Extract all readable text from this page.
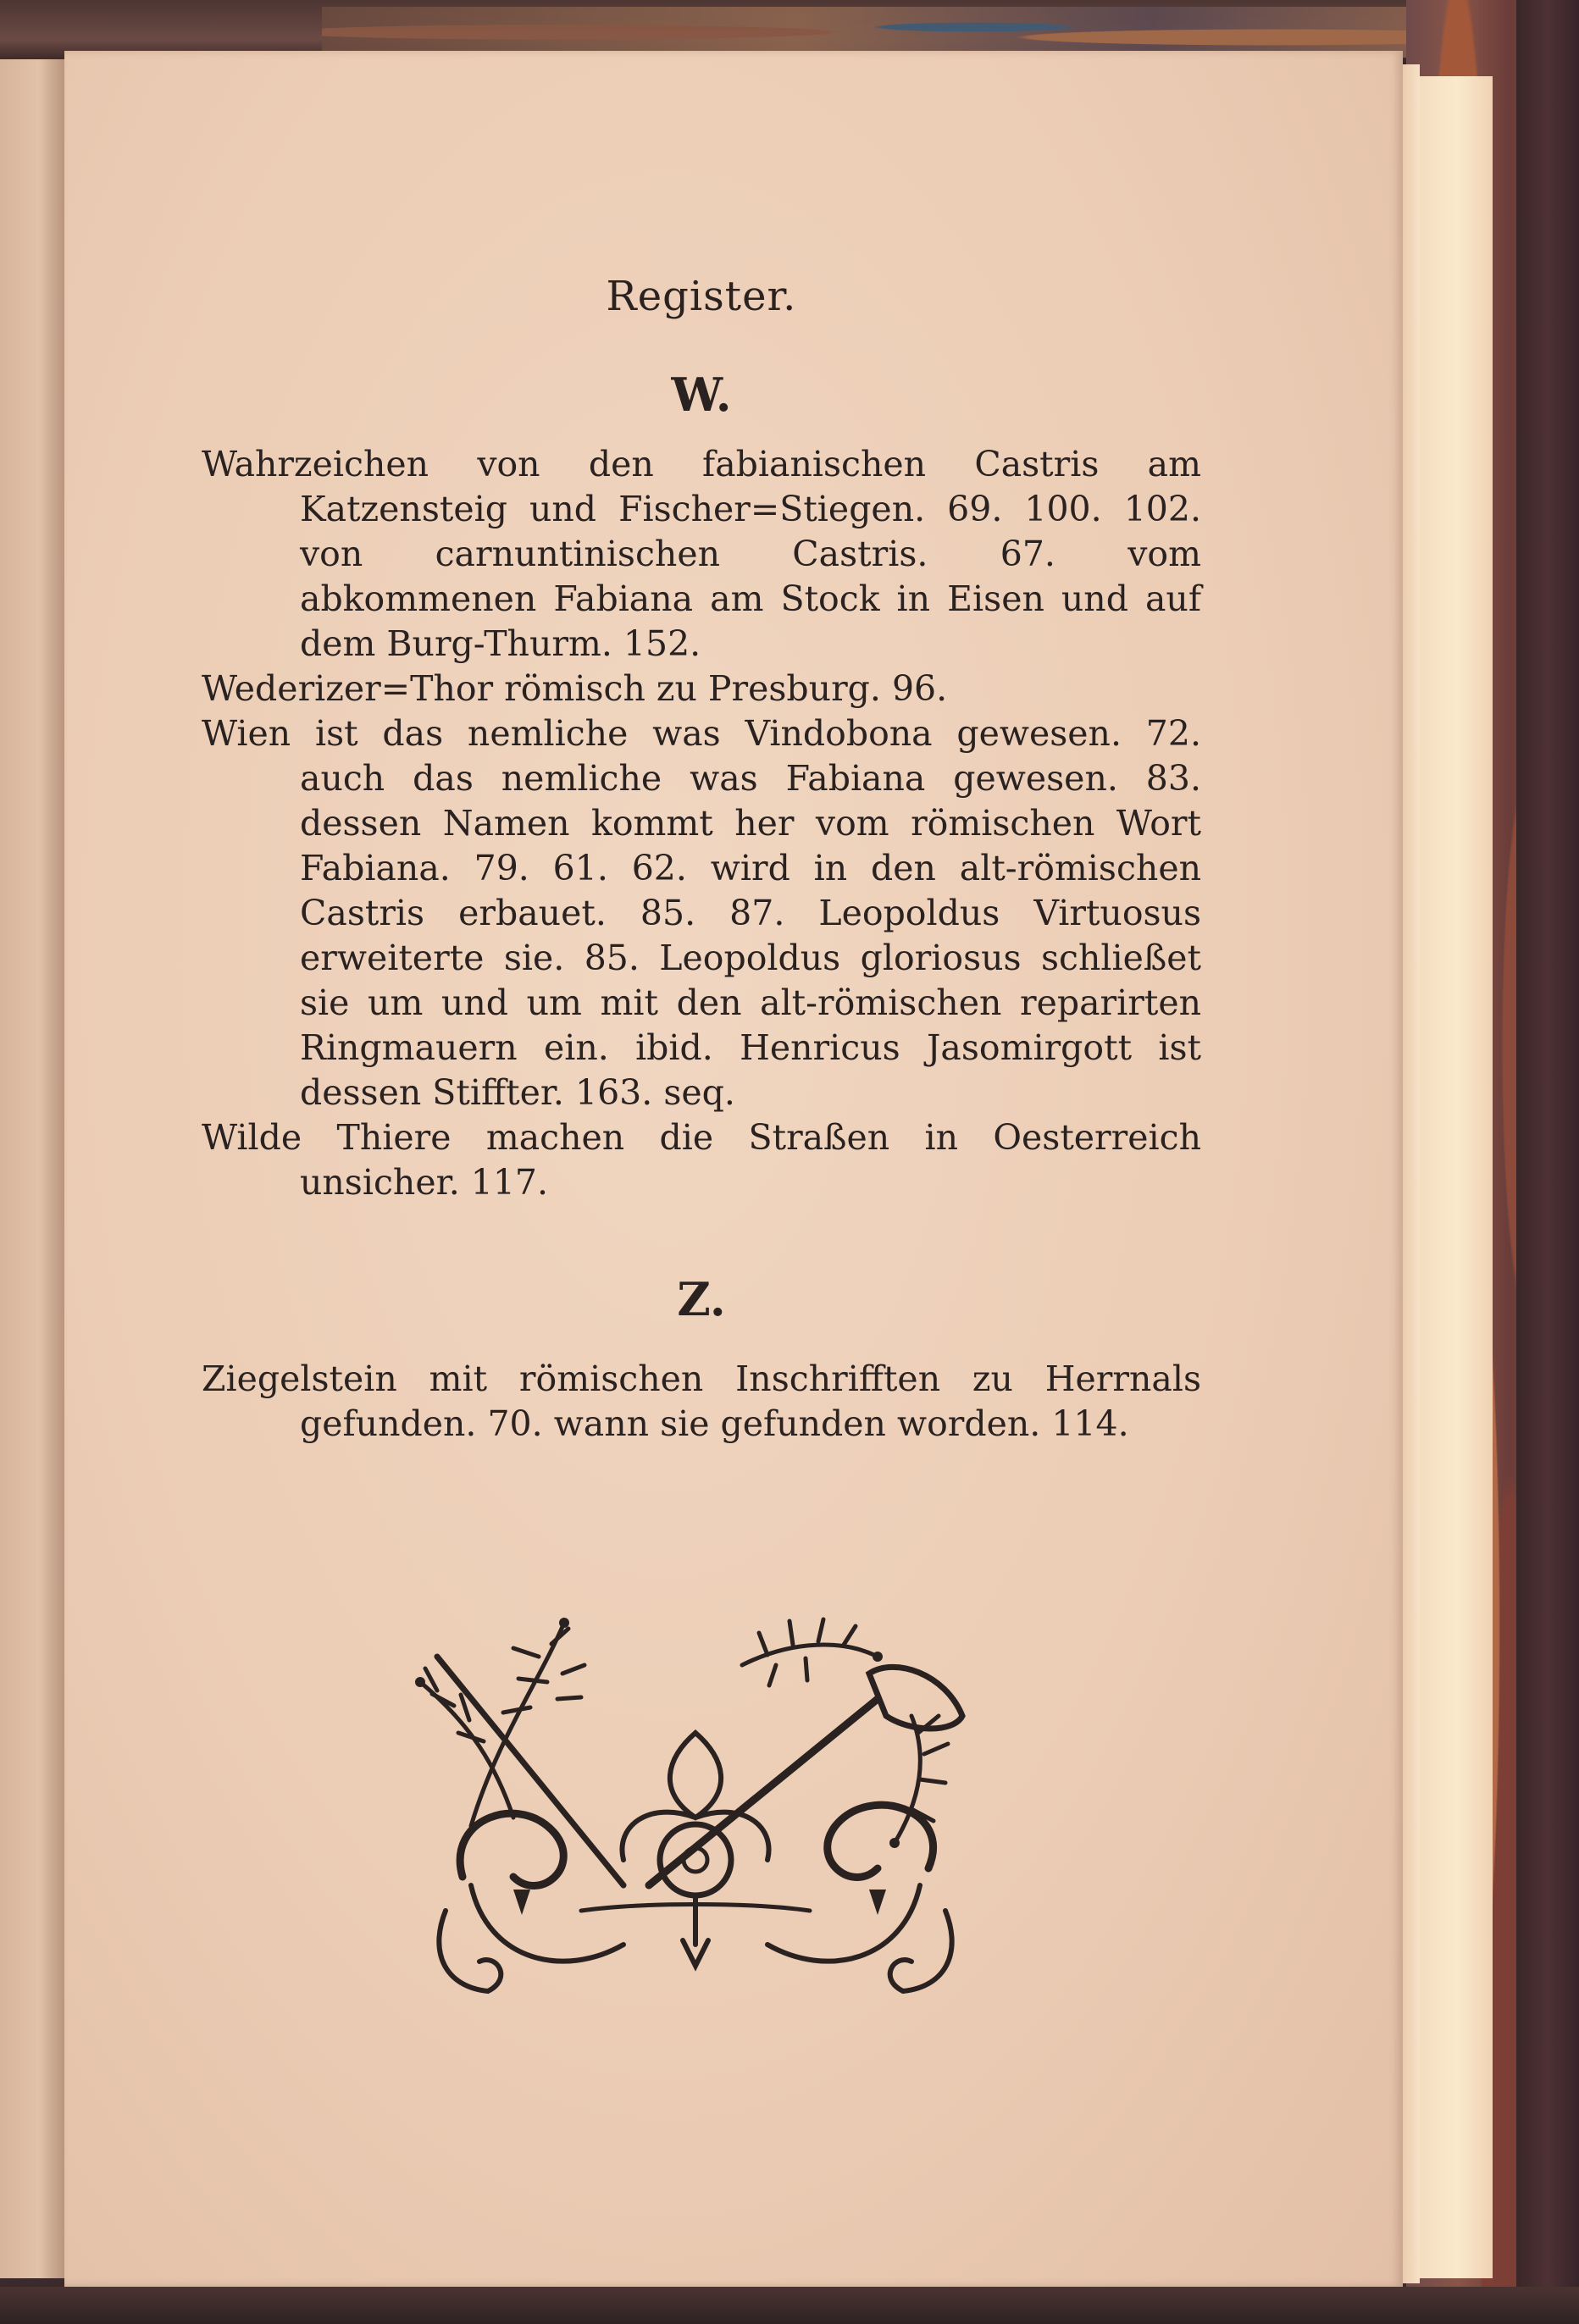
Register.
W.

Wahrzeichen von den fabianischen Castris am Katzensteig und Fischer=Stiegen. 69. 100. 102. von carnuntinischen Castris. 67. vom abkommenen Fabiana am Stock in Eisen und auf dem Burg-Thurm. 152.

Wederizer=Thor römisch zu Presburg. 96.

Wien ist das nemliche was Vindobona gewesen. 72. auch das nemliche was Fabiana gewesen. 83. dessen Namen kommt her vom römischen Wort Fabiana. 79. 61. 62. wird in den alt-römischen Castris erbauet. 85. 87. Leopoldus Virtuosus erweiterte sie. 85. Leopoldus gloriosus schließet sie um und um mit den alt-römischen reparirten Ringmauern ein. ibid. Henricus Jasomirgott ist dessen Stiffter. 163. seq.

Wilde Thiere machen die Straßen in Oesterreich unsicher. 117.

Z.

Ziegelstein mit römischen Inschrifften zu Herrnals gefunden. 70. wann sie gefunden worden. 114.
